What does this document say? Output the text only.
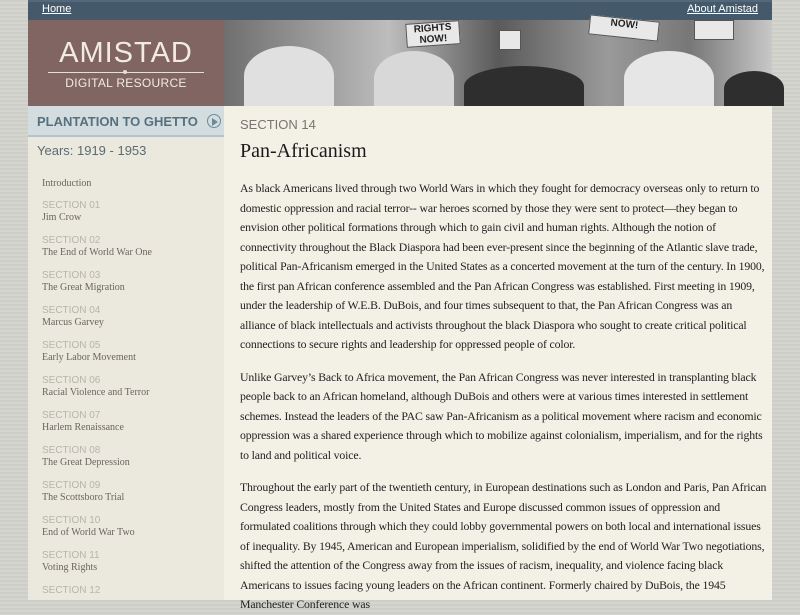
Home	About Amistad
AMISTAD
DIGITAL RESOURCE
RIGHTS NOW!
NOW!
PLANTATION TO GHETTO
Years: 1919 - 1953
Introduction
SECTION 01
Jim Crow
SECTION 02
The End of World War One
SECTION 03
The Great Migration
SECTION 04
Marcus Garvey
SECTION 05
Early Labor Movement
SECTION 06
Racial Violence and Terror
SECTION 07
Harlem Renaissance
SECTION 08
The Great Depression
SECTION 09
The Scottsboro Trial
SECTION 10
End of World War Two
SECTION 11
Voting Rights
SECTION 12
SECTION 14
Pan-Africanism

As black Americans lived through two World Wars in which they fought for democracy overseas only to return to domestic oppression and racial terror-- war heroes scorned by those they were sent to protect—they began to envision other political formations through which to gain civil and human rights. Although the notion of connectivity throughout the Black Diaspora had been ever-present since the beginning of the Atlantic slave trade, political Pan-Africanism emerged in the United States as a concerted movement at the turn of the century. In 1900, the first pan African conference assembled and the Pan African Congress was established. First meeting in 1909, under the leadership of W.E.B. DuBois, and four times subsequent to that, the Pan African Congress was an alliance of black intellectuals and activists throughout the black Diaspora who sought to create critical political connections to secure rights and leadership for oppressed people of color.

Unlike Garvey’s Back to Africa movement, the Pan African Congress was never interested in transplanting black people back to an African homeland, although DuBois and others were at various times interested in settlement schemes. Instead the leaders of the PAC saw Pan-Africanism as a political movement where racism and economic oppression was a shared experience through which to mobilize against colonialism, imperialism, and for the rights to land and political voice.

Throughout the early part of the twentieth century, in European destinations such as London and Paris, Pan African Congress leaders, mostly from the United States and Europe discussed common issues of oppression and formulated coalitions through which they could lobby governmental powers on both local and international issues of inequality. By 1945, American and European imperialism, solidified by the end of World War Two negotiations, shifted the attention of the Congress away from the issues of racism, inequality, and violence facing black Americans to issues facing young leaders on the African continent. Formerly chaired by DuBois, the 1945 Manchester Conference was
